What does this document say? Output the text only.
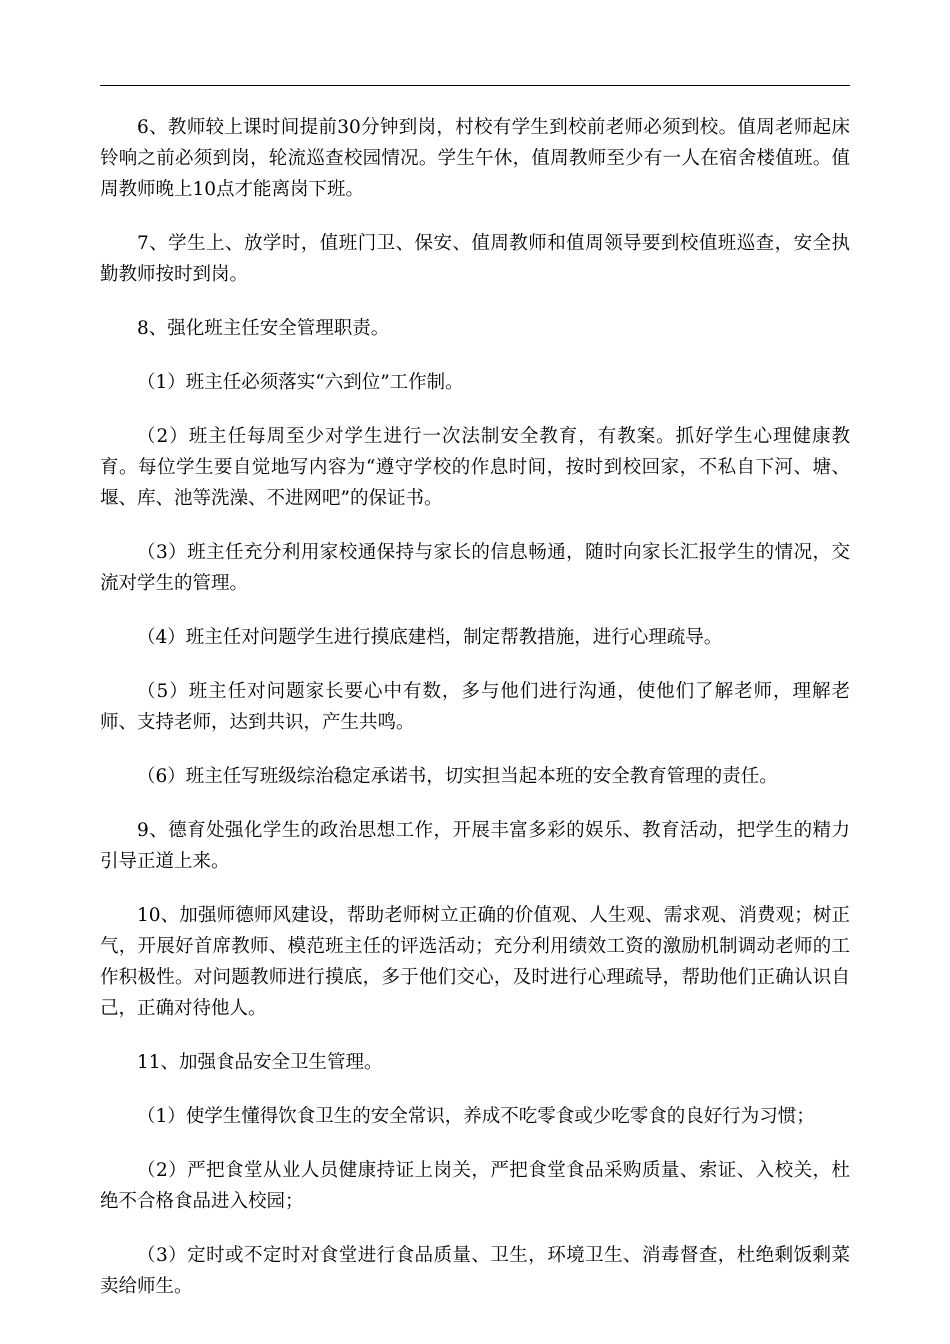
6、教师较上课时间提前30分钟到岗，村校有学生到校前老师必须到校。值周老师起床铃响之前必须到岗，轮流巡查校园情况。学生午休，值周教师至少有一人在宿舍楼值班。值周教师晚上10点才能离岗下班。

7、学生上、放学时，值班门卫、保安、值周教师和值周领导要到校值班巡查，安全执勤教师按时到岗。

8、强化班主任安全管理职责。

（1）班主任必须落实“六到位”工作制。

（2）班主任每周至少对学生进行一次法制安全教育，有教案。抓好学生心理健康教育。每位学生要自觉地写内容为“遵守学校的作息时间，按时到校回家，不私自下河、塘、堰、库、池等洗澡、不进网吧”的保证书。

（3）班主任充分利用家校通保持与家长的信息畅通，随时向家长汇报学生的情况，交流对学生的管理。

（4）班主任对问题学生进行摸底建档，制定帮教措施，进行心理疏导。

（5）班主任对问题家长要心中有数，多与他们进行沟通，使他们了解老师，理解老师、支持老师，达到共识，产生共鸣。

（6）班主任写班级综治稳定承诺书，切实担当起本班的安全教育管理的责任。

9、德育处强化学生的政治思想工作，开展丰富多彩的娱乐、教育活动，把学生的精力引导正道上来。

10、加强师德师风建设，帮助老师树立正确的价值观、人生观、需求观、消费观；树正气，开展好首席教师、模范班主任的评选活动；充分利用绩效工资的激励机制调动老师的工作积极性。对问题教师进行摸底，多于他们交心，及时进行心理疏导，帮助他们正确认识自己，正确对待他人。

11、加强食品安全卫生管理。

（1）使学生懂得饮食卫生的安全常识，养成不吃零食或少吃零食的良好行为习惯；

（2）严把食堂从业人员健康持证上岗关，严把食堂食品采购质量、索证、入校关，杜绝不合格食品进入校园；

（3）定时或不定时对食堂进行食品质量、卫生，环境卫生、消毒督查，杜绝剩饭剩菜卖给师生。
